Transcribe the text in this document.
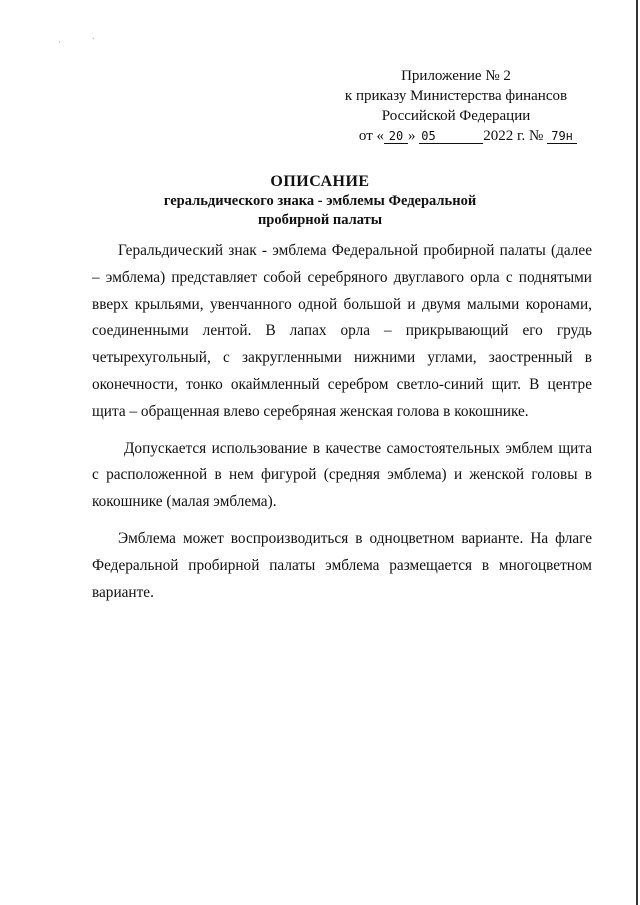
·
ˎ
Приложение № 2
к приказу Министерства финансов
Российской Федерации
от « 20 » 05	2022 г. № 79н
ОПИСАНИЕ
геральдического знака - эмблемы Федеральной
пробирной палаты

Геральдический знак - эмблема Федеральной пробирной палаты (далее – эмблема) представляет собой серебряного двуглавого орла с поднятыми вверх крыльями, увенчанного одной большой и двумя малыми коронами, соединенными лентой. В лапах орла – прикрывающий его грудь четырехугольный, с закругленными нижними углами, заостренный в оконечности, тонко окаймленный серебром светло-синий щит. В центре щита – обращенная влево серебряная женская голова в кокошнике.

Допускается использование в качестве самостоятельных эмблем щита с расположенной в нем фигурой (средняя эмблема) и женской головы в кокошнике (малая эмблема).

Эмблема может воспроизводиться в одноцветном варианте. На флаге Федеральной пробирной палаты эмблема размещается в многоцветном варианте.
